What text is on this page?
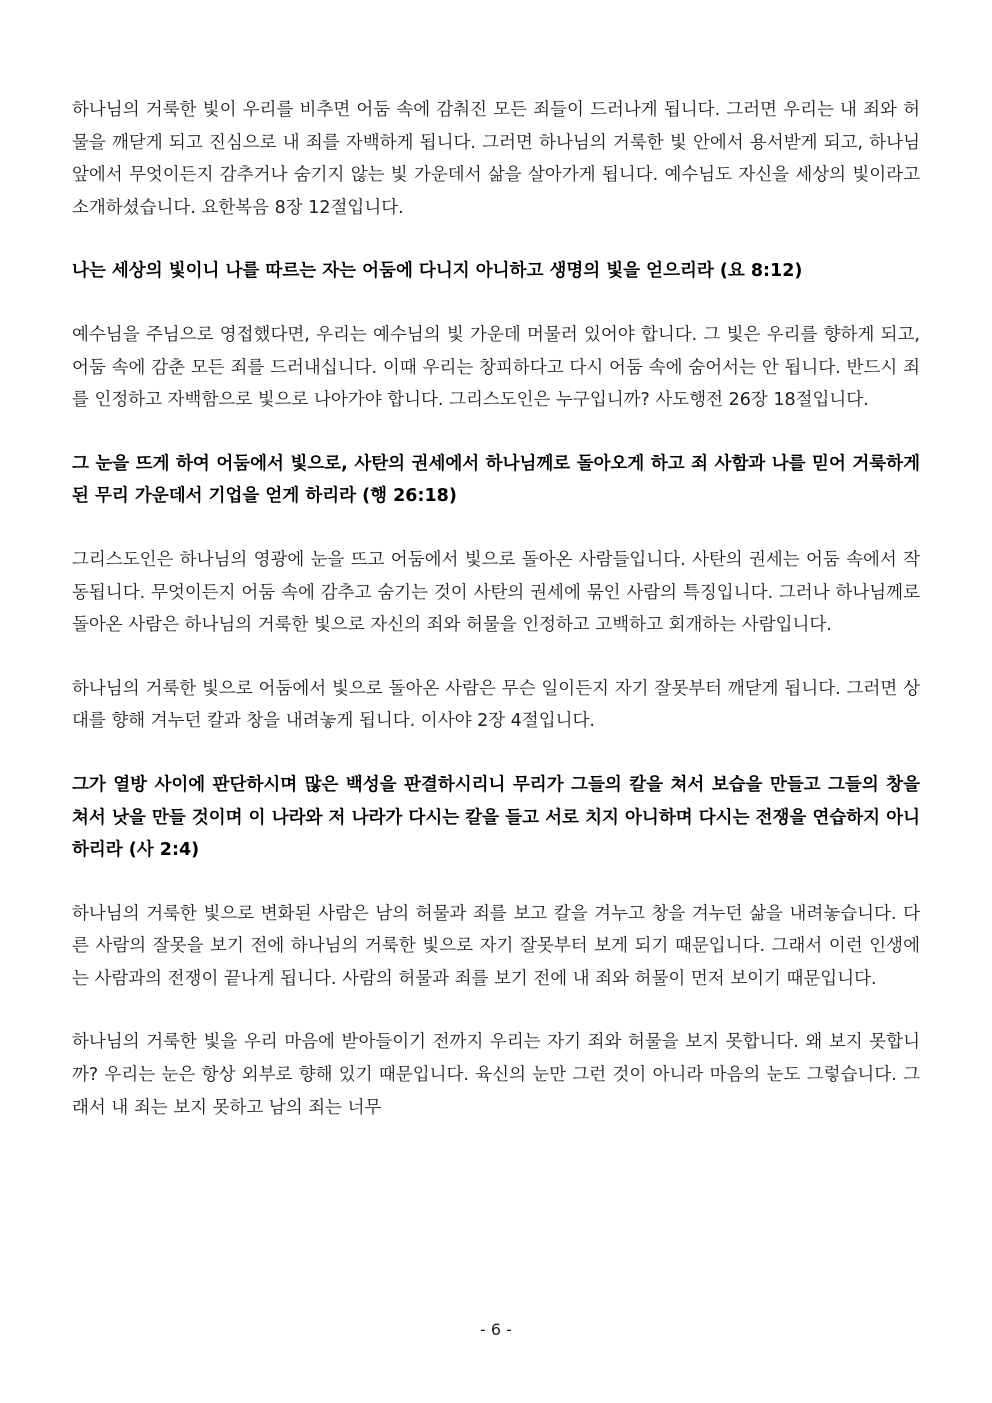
하나님의 거룩한 빛이 우리를 비추면 어둠 속에 감춰진 모든 죄들이 드러나게 됩니다. 그러면 우리는 내 죄와 허물을 깨닫게 되고 진심으로 내 죄를 자백하게 됩니다. 그러면 하나님의 거룩한 빛 안에서 용서받게 되고, 하나님 앞에서 무엇이든지 감추거나 숨기지 않는 빛 가운데서 삶을 살아가게 됩니다. 예수님도 자신을 세상의 빛이라고 소개하셨습니다. 요한복음 8장 12절입니다.

나는 세상의 빛이니 나를 따르는 자는 어둠에 다니지 아니하고 생명의 빛을 얻으리라 (요 8:12)

예수님을 주님으로 영접했다면, 우리는 예수님의 빛 가운데 머물러 있어야 합니다. 그 빛은 우리를 향하게 되고, 어둠 속에 감춘 모든 죄를 드러내십니다. 이때 우리는 창피하다고 다시 어둠 속에 숨어서는 안 됩니다. 반드시 죄를 인정하고 자백함으로 빛으로 나아가야 합니다. 그리스도인은 누구입니까? 사도행전 26장 18절입니다.

그 눈을 뜨게 하여 어둠에서 빛으로, 사탄의 권세에서 하나님께로 돌아오게 하고 죄 사함과 나를 믿어 거룩하게 된 무리 가운데서 기업을 얻게 하리라 (행 26:18)

그리스도인은 하나님의 영광에 눈을 뜨고 어둠에서 빛으로 돌아온 사람들입니다. 사탄의 권세는 어둠 속에서 작동됩니다. 무엇이든지 어둠 속에 감추고 숨기는 것이 사탄의 권세에 묶인 사람의 특징입니다. 그러나 하나님께로 돌아온 사람은 하나님의 거룩한 빛으로 자신의 죄와 허물을 인정하고 고백하고 회개하는 사람입니다.

하나님의 거룩한 빛으로 어둠에서 빛으로 돌아온 사람은 무슨 일이든지 자기 잘못부터 깨닫게 됩니다. 그러면 상대를 향해 겨누던 칼과 창을 내려놓게 됩니다. 이사야 2장 4절입니다.

그가 열방 사이에 판단하시며 많은 백성을 판결하시리니 무리가 그들의 칼을 쳐서 보습을 만들고 그들의 창을 쳐서 낫을 만들 것이며 이 나라와 저 나라가 다시는 칼을 들고 서로 치지 아니하며 다시는 전쟁을 연습하지 아니하리라 (사 2:4)

하나님의 거룩한 빛으로 변화된 사람은 남의 허물과 죄를 보고 칼을 겨누고 창을 겨누던 삶을 내려놓습니다. 다른 사람의 잘못을 보기 전에 하나님의 거룩한 빛으로 자기 잘못부터 보게 되기 때문입니다. 그래서 이런 인생에는 사람과의 전쟁이 끝나게 됩니다. 사람의 허물과 죄를 보기 전에 내 죄와 허물이 먼저 보이기 때문입니다.

하나님의 거룩한 빛을 우리 마음에 받아들이기 전까지 우리는 자기 죄와 허물을 보지 못합니다. 왜 보지 못합니까? 우리는 눈은 항상 외부로 향해 있기 때문입니다. 육신의 눈만 그런 것이 아니라 마음의 눈도 그렇습니다. 그래서 내 죄는 보지 못하고 남의 죄는 너무

- 6 -
